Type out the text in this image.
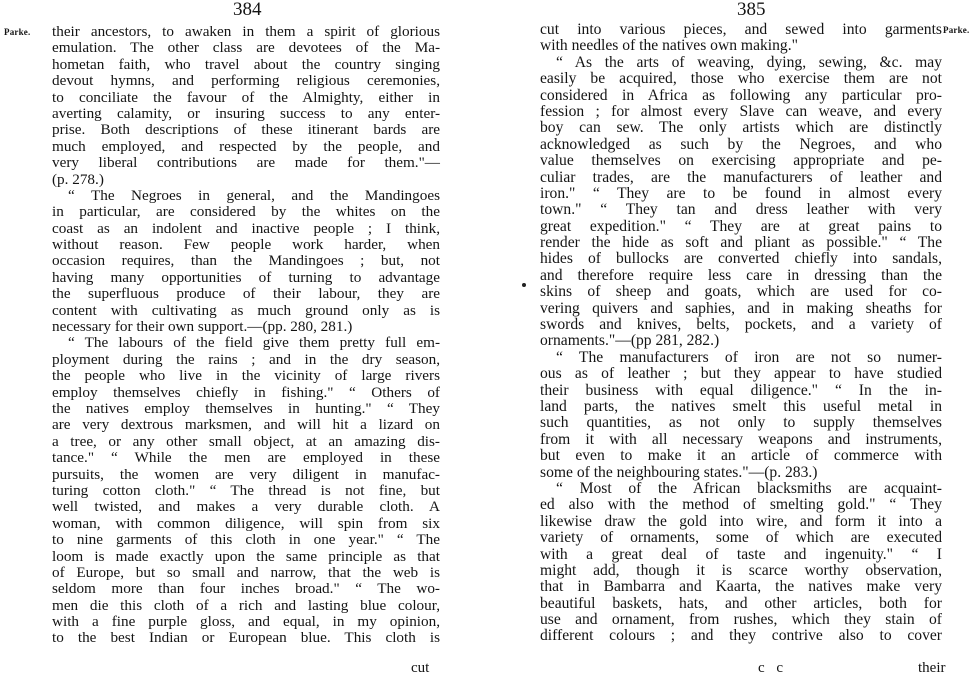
384
Parke. their ancestors, to awaken in them a spirit of glorious
emulation. The other class are devotees of the Ma-
hometan faith, who travel about the country singing
devout hymns, and performing religious ceremonies,
to conciliate the favour of the Almighty, either in
averting calamity, or insuring success to any enter-
prise. Both descriptions of these itinerant bards are
much employed, and respected by the people, and
very liberal contributions are made for them."—
(p. 278.)
“ The Negroes in general, and the Mandingoes
in particular, are considered by the whites on the
coast as an indolent and inactive people ; I think,
without reason. Few people work harder, when
occasion requires, than the Mandingoes ; but, not
having many opportunities of turning to advantage
the superfluous produce of their labour, they are
content with cultivating as much ground only as is
necessary for their own support.—(pp. 280, 281.)
“ The labours of the field give them pretty full em-
ployment during the rains ; and in the dry season,
the people who live in the vicinity of large rivers
employ themselves chiefly in fishing." “ Others of
the natives employ themselves in hunting." “ They
are very dextrous marksmen, and will hit a lizard on
a tree, or any other small object, at an amazing dis-
tance." “ While the men are employed in these
pursuits, the women are very diligent in manufac-
turing cotton cloth." “ The thread is not fine, but
well twisted, and makes a very durable cloth. A
woman, with common diligence, will spin from six
to nine garments of this cloth in one year." “ The
loom is made exactly upon the same principle as that
of Europe, but so small and narrow, that the web is
seldom more than four inches broad." “ The wo-
men die this cloth of a rich and lasting blue colour,
with a fine purple gloss, and equal, in my opinion,
to the best Indian or European blue. This cloth is
cut
385
Parke.
cut into various pieces, and sewed into garments
with needles of the natives own making."
“ As the arts of weaving, dying, sewing, &c. may
easily be acquired, those who exercise them are not
considered in Africa as following any particular pro-
fession ; for almost every Slave can weave, and every
boy can sew. The only artists which are distinctly
acknowledged as such by the Negroes, and who
value themselves on exercising appropriate and pe-
culiar trades, are the manufacturers of leather and
iron." “ They are to be found in almost every
town." “ They tan and dress leather with very
great expedition." “ They are at great pains to
render the hide as soft and pliant as possible." “ The
hides of bullocks are converted chiefly into sandals,
and therefore require less care in dressing than the
skins of sheep and goats, which are used for co-
vering quivers and saphies, and in making sheaths for
swords and knives, belts, pockets, and a variety of
ornaments."—(pp 281, 282.)
“ The manufacturers of iron are not so numer-
ous as of leather ; but they appear to have studied
their business with equal diligence." “ In the in-
land parts, the natives smelt this useful metal in
such quantities, as not only to supply themselves
from it with all necessary weapons and instruments,
but even to make it an article of commerce with
some of the neighbouring states."—(p. 283.)
“ Most of the African blacksmiths are acquaint-
ed also with the method of smelting gold." “ They
likewise draw the gold into wire, and form it into a
variety of ornaments, some of which are executed
with a great deal of taste and ingenuity." “ I
might add, though it is scarce worthy observation,
that in Bambarra and Kaarta, the natives make very
beautiful baskets, hats, and other articles, both for
use and ornament, from rushes, which they stain of
different colours ; and they contrive also to cover
c c	their
